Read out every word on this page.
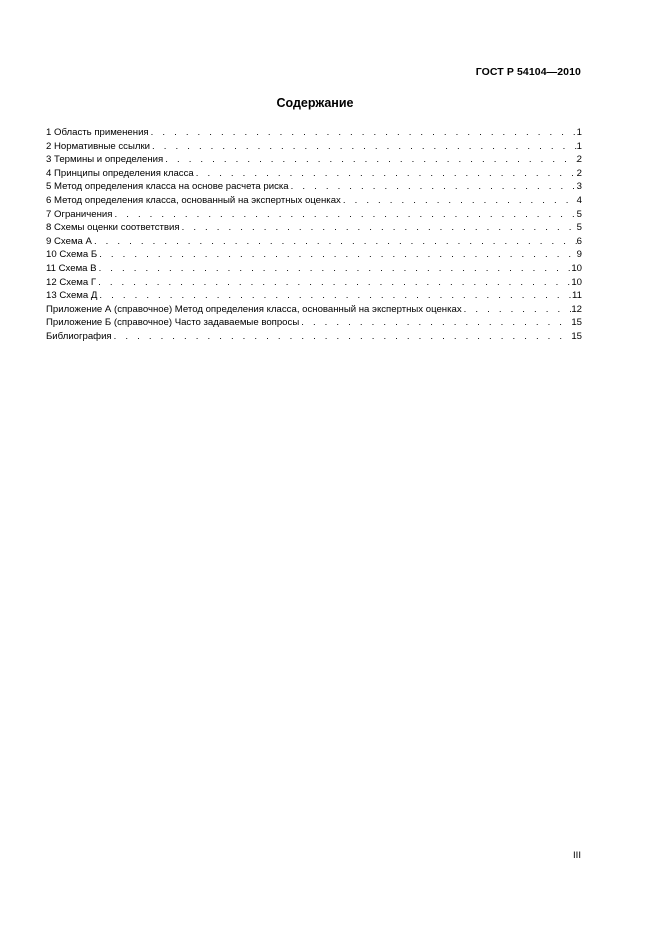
ГОСТ Р 54104—2010
Содержание
1 Область применения . . .	1
2 Нормативные ссылки . . .	1
3 Термины и определения . . .	2
4 Принципы определения класса . . .	2
5 Метод определения класса на основе расчета риска . . .	3
6 Метод определения класса, основанный на экспертных оценках . . .	4
7 Ограничения . . .	5
8 Схемы оценки соответствия . . .	5
9 Схема А . . .	6
10 Схема Б . . .	9
11 Схема В . . .	10
12 Схема Г . . .	10
13 Схема Д . . .	11
Приложение А (справочное) Метод определения класса, основанный на экспертных оценках . . .	12
Приложение Б (справочное) Часто задаваемые вопросы . . .	15
Библиография . . .	15
III
